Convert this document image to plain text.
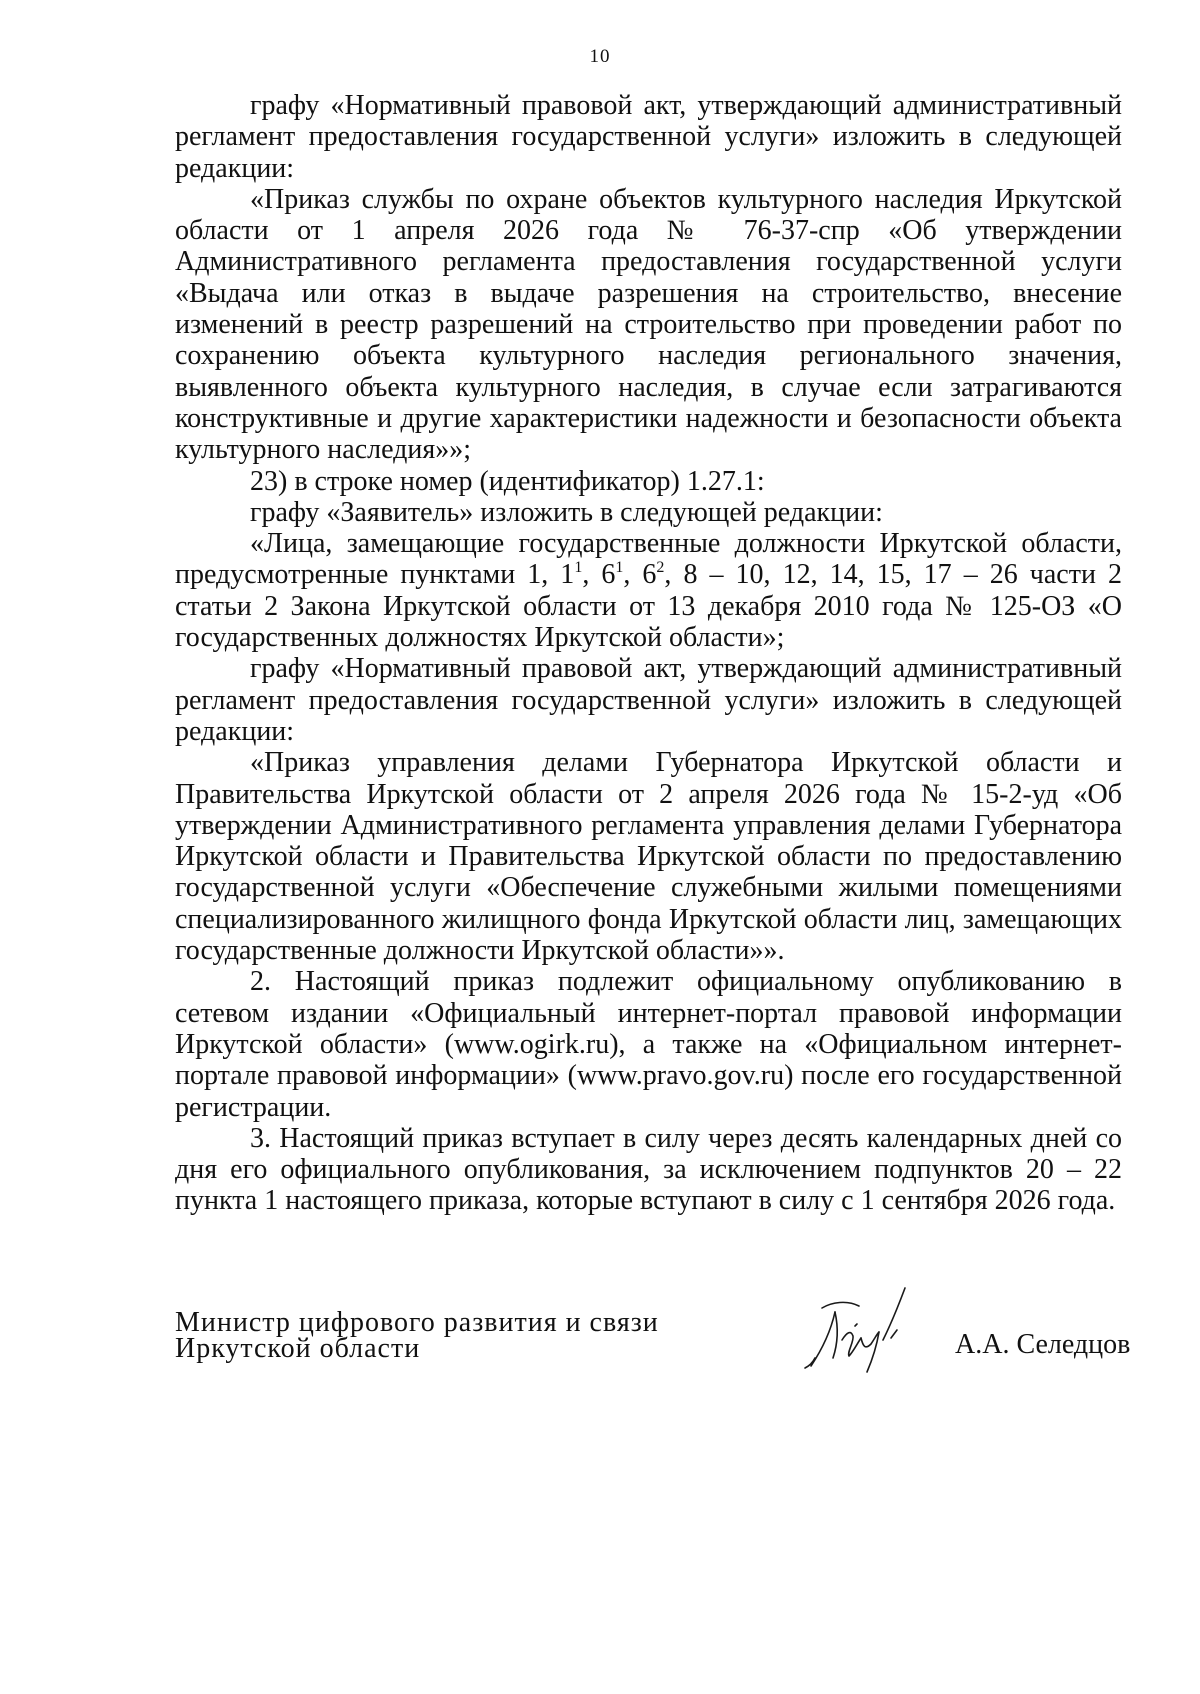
10

графу «Нормативный правовой акт, утверждающий административный регламент предоставления государственной услуги» изложить в следующей редакции:

«Приказ службы по охране объектов культурного наследия Иркутской области от 1 апреля 2026 года № 76-37-спр «Об утверждении Административного регламента предоставления государственной услуги «Выдача или отказ в выдаче разрешения на строительство, внесение изменений в реестр разрешений на строительство при проведении работ по сохранению объекта культурного наследия регионального значения, выявленного объекта культурного наследия, в случае если затрагиваются конструктивные и другие характеристики надежности и безопасности объекта культурного наследия»»;

23) в строке номер (идентификатор) 1.27.1:

графу «Заявитель» изложить в следующей редакции:

«Лица, замещающие государственные должности Иркутской области, предусмотренные пунктами 1, $1^1$, $6^1$, $6^2$, 8 – 10, 12, 14, 15, 17 – 26 части 2 статьи 2 Закона Иркутской области от 13 декабря 2010 года № 125-ОЗ «О государственных должностях Иркутской области»;

графу «Нормативный правовой акт, утверждающий административный регламент предоставления государственной услуги» изложить в следующей редакции:

«Приказ управления делами Губернатора Иркутской области и Правительства Иркутской области от 2 апреля 2026 года № 15-2-уд «Об утверждении Административного регламента управления делами Губернатора Иркутской области и Правительства Иркутской области по предоставлению государственной услуги «Обеспечение служебными жилыми помещениями специализированного жилищного фонда Иркутской области лиц, замещающих государственные должности Иркутской области»».

2. Настоящий приказ подлежит официальному опубликованию в сетевом издании «Официальный интернет-портал правовой информации Иркутской области» (www.ogirk.ru), а также на «Официальном интернет-портале правовой информации» (www.pravo.gov.ru) после его государственной регистрации.

3. Настоящий приказ вступает в силу через десять календарных дней со дня его официального опубликования, за исключением подпунктов 20 – 22 пункта 1 настоящего приказа, которые вступают в силу с 1 сентября 2026 года.

Министр цифрового развития и связи
Иркутской области	А.А. Селедцов
